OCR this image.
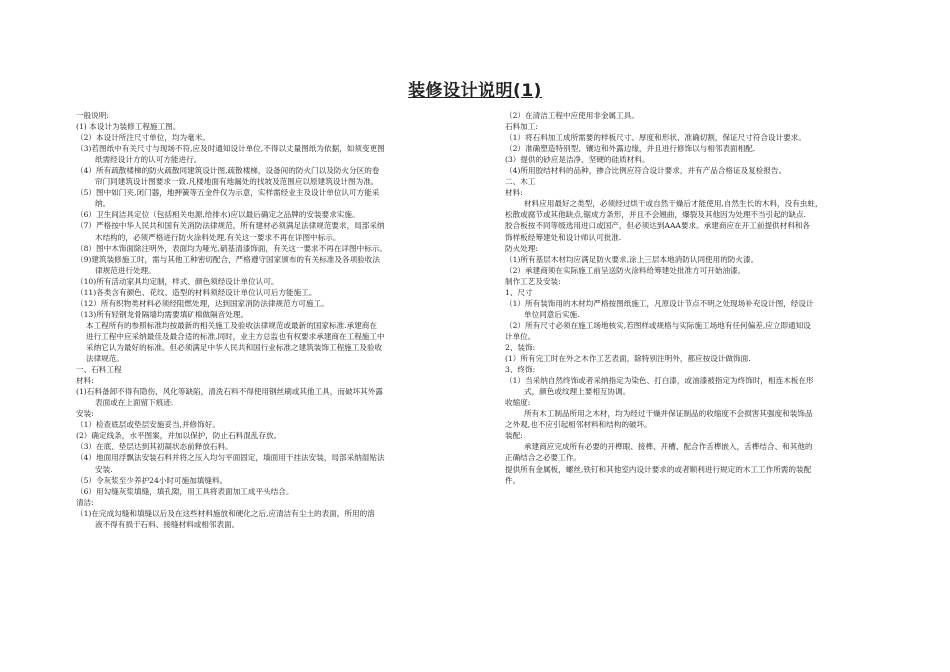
装修设计说明(1)
一般说明:
(1) 本设计为装修工程施工图。
（2）本设计所注尺寸单位，均为毫米。
（3)若图纸中有关尺寸与现场不符,应及时通知设计单位,不得以丈量图纸为依据，如须变更图
纸需经设计方的认可方能进行。
（4）所有疏散楼梯的防火疏散同建筑设计图,疏散楼梯，设备间的防火门以及防火分区的卷
帘门同建筑设计图要求一致.凡楼地面有地漏处的找坡及范围应以原建筑设计图为准。
（5）图中如门夹,闭门器，地押簧等五金件仅为示意，实样需经业主及设计单位认可方能采
纳。
（6）卫生间洁具定位（包括相关电源,给排水)应以最后确定之品牌的安装要求实施。
（7）严格按中华人民共和国有关消防法律规范，所有建材必须满足法律规范要求，局部采纳
木结构的，必须严格进行防火涂料处理,有关这一要求不再在详图中标示。
（8）图中木饰面除注明外，表面均为哑光,硝基清漆饰面，有关这一要求不再在详图中标示。
（9)建筑装修施工时，需与其他工种密切配合，严格遵守国家颁布的有关标准及各项验收法
律规范进行处理。
（10)所有活动家具均定制，样式、颜色须经设计单位认可。
（11)各类含有颜色、花纹、造型的材料须经设计单位认可后方能施工。
（12）所有织物类材料必须经阻燃处理，达到国家消防法律规范方可施工。
（13)所有轻钢龙骨隔墙均需要填矿棉做隔音处理。
本工程所有的参照标准均按最新的相关施工及验收法律规范或最新的国家标准.承建商在
进行工程中应采纳最佳及最合适的标准,同时，业主方总监也有权要求承建商在工程施工中
采纳它认为最好的标准。但必须满足中华人民共和国行业标准之建筑装饰工程施工及验收
法律规范。
一、石料工程
材料:
(1)石料备卸不得有隐伤，风化等缺陷，清洗石料不得使用钢丝刷或其他工具，而破坏其外露
表面或在上面留下痕迹.
安装:
（1）检查底层或垫层安施妥当,并修饰好。
(2）确定线条，水平图案，并加以保护，防止石料混乱存放。
（3）在底、垫层达到其初凝状态前释放石料。
（4）地面用浮飘法安装石料并将之压入均匀平面固定，墙面用干挂法安装，局部采纳湿贴法
安装.
（5）令灰浆至少养护24小时可施加填缝料。
（6）用勾缝灰浆填缝，填孔隙，用工具将表面加工成平头结合。
清洁:
（1)在完成勾缝和填缝以后及在这些材料施放和硬化之后,应清洁有尘土的表面，所用的溶
液不得有损干石料、接缝材料或相邻表面。
（2）在清洁工程中应使用非金属工具。
石料加工:
（1）将石料加工成所需要的样板尺寸、厚度和形状、准确切割，保证尺寸符合设计要求。
（2）准确塑造特别型、镶边和外露边缘，并且进行修饰以与相邻表面相配.
(3）提供的砂应是洁净、坚硬的硅质材料。
（4)所用胶结材料的品种，掺合比例应符合设计要求，并有产品合格证及复检报告。
二、木工
材料:
材料应用最好之类型，必须经过烘干或自然干燥后才能使用,自然生长的木料，没有虫蛀，
松散或腐节或其他缺点,锯成方条形，并且不会翘曲，爆裂及其他因为处理不当引起的缺点.
胶合板按不同等级选用进口或国产，但必须达到AAA要求。承建商应在开工前提供材料和各
饰样板经筹建处和设计师认可批准.
防火处理:
（1)所有基层木材均应满足防火要求,涂上三层本地消防认同使用的防火漆。
（2）承建商须在实际施工前呈送防火涂料给筹建处批准方可开始油漆。
制作工艺及安装:
1、尺寸
（1）所有装饰用的木材均严格按图纸施工，凡原设计节点不明之处现场补充设计图，经设计
单位同意后实施.
（2）所有尺寸必须在施工场地核实,若图样或规格与实际施工场地有任何偏差,应立即通知设
计单位。
2、装饰:
(1）所有完工时在外之木作工艺表面，除特别注明外，都应按设计做饰面.
3、终饰:
（1）当采纳自然终饰或者采纳指定为染色、打白漆，或油漆被指定为终饰时，相连木板在形
式，颜色或纹理上要相互协调。
收缩度:
所有木工制品所用之木材，均为经过干燥并保证制品的收缩度不会损害其强度和装饰品
之外观,也不应引起相邻材料和结构的破坏。
装配:
承建商应完成所有必要的开榫眼、接榫、开槽、配合作舌榫嵌入，舌榫结合、和其他的
正确结合之必要工作。
提供所有金属板，螺丝,铁钉和其他室内设计要求的或者顺利进行规定的木工工作所需的装配
件。
